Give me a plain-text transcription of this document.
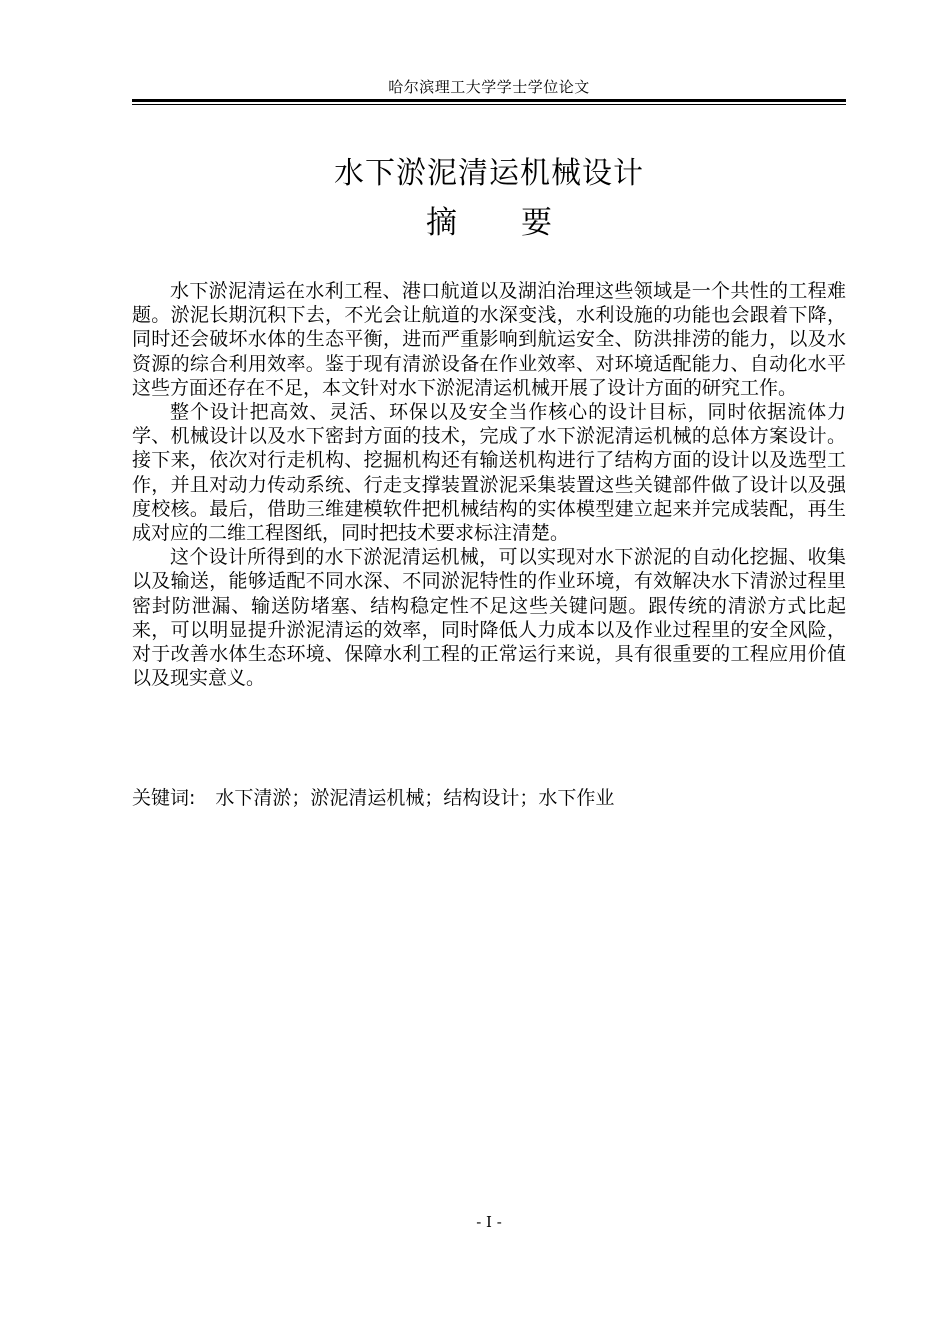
哈尔滨理工大学学士学位论文
水下淤泥清运机械设计
摘 要

水下淤泥清运在水利工程、港口航道以及湖泊治理这些领域是一个共性的工程难题。淤泥长期沉积下去，不光会让航道的水深变浅，水利设施的功能也会跟着下降，同时还会破坏水体的生态平衡，进而严重影响到航运安全、防洪排涝的能力，以及水资源的综合利用效率。鉴于现有清淤设备在作业效率、对环境适配能力、自动化水平这些方面还存在不足，本文针对水下淤泥清运机械开展了设计方面的研究工作。

整个设计把高效、灵活、环保以及安全当作核心的设计目标，同时依据流体力学、机械设计以及水下密封方面的技术，完成了水下淤泥清运机械的总体方案设计。接下来，依次对行走机构、挖掘机构还有输送机构进行了结构方面的设计以及选型工作，并且对动力传动系统、行走支撑装置淤泥采集装置这些关键部件做了设计以及强度校核。最后，借助三维建模软件把机械结构的实体模型建立起来并完成装配，再生成对应的二维工程图纸，同时把技术要求标注清楚。

这个设计所得到的水下淤泥清运机械，可以实现对水下淤泥的自动化挖掘、收集以及输送，能够适配不同水深、不同淤泥特性的作业环境，有效解决水下清淤过程里密封防泄漏、输送防堵塞、结构稳定性不足这些关键问题。跟传统的清淤方式比起来，可以明显提升淤泥清运的效率，同时降低人力成本以及作业过程里的安全风险，对于改善水体生态环境、保障水利工程的正常运行来说，具有很重要的工程应用价值以及现实意义。

关键词: 水下清淤；淤泥清运机械；结构设计；水下作业
- I -
